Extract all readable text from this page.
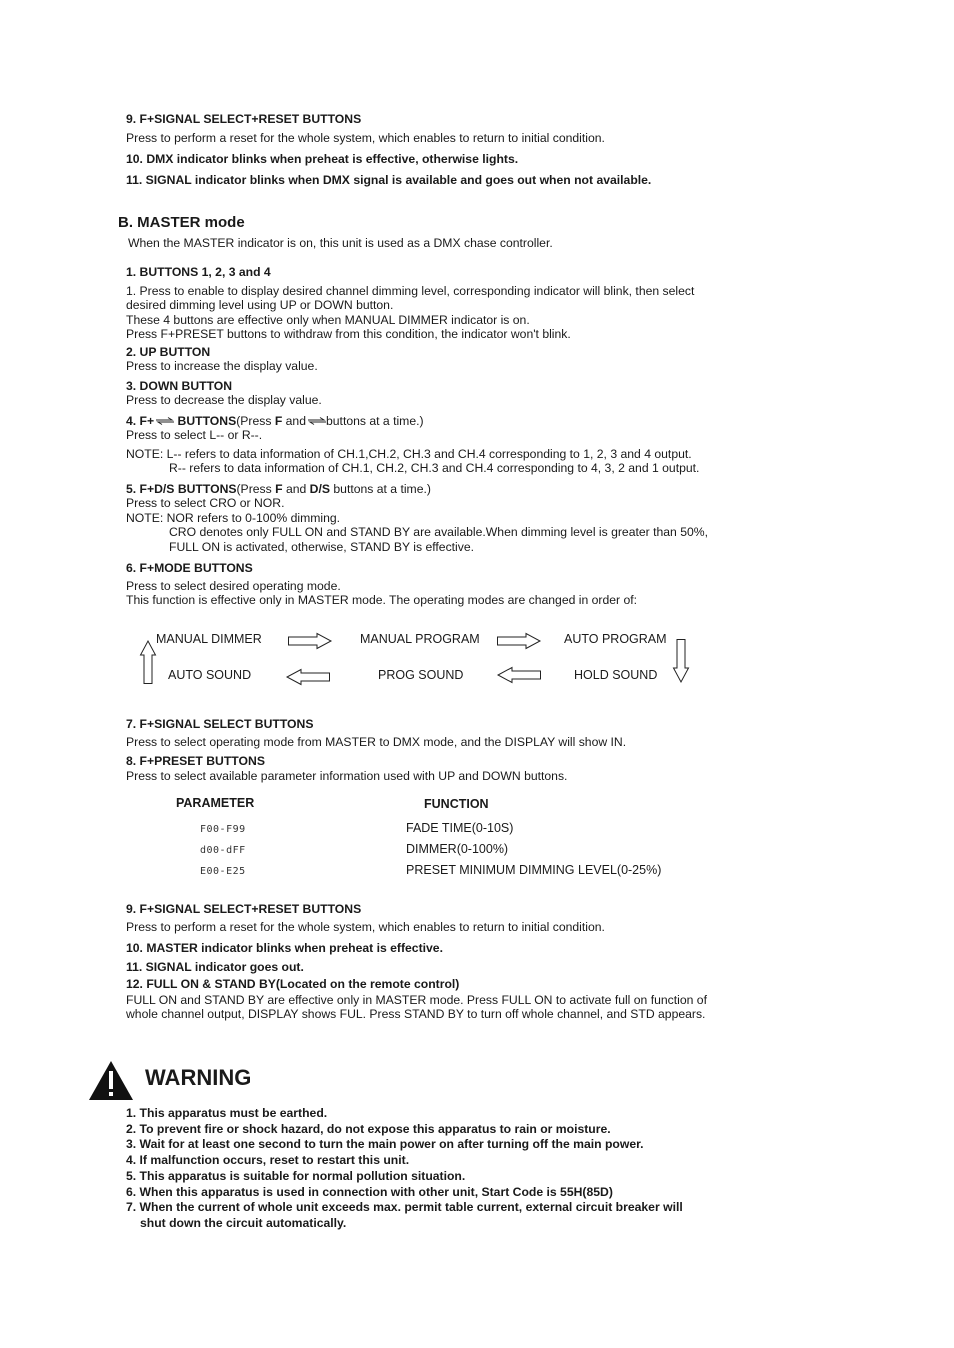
9. F+SIGNAL SELECT+RESET BUTTONS

Press to perform a reset for the whole system, which enables to return to initial condition.

10. DMX indicator blinks when preheat is effective, otherwise lights.

11. SIGNAL indicator blinks when DMX signal is available and goes out when not available.

B. MASTER mode
When the MASTER indicator is on, this unit is used as a DMX chase controller.

1. BUTTONS 1, 2, 3 and 4

1. Press to enable to display desired channel dimming level, corresponding indicator will blink, then select

desired dimming level using UP or DOWN button.

These 4 buttons are effective only when MANUAL DIMMER indicator is on.

Press F+PRESET buttons to withdraw from this condition, the indicator won't blink.

2. UP BUTTON

Press to increase the display value.

3. DOWN BUTTON

Press to decrease the display value.

4. F+ BUTTONS(Press F and buttons at a time.)

Press to select L-- or R--.

NOTE: L-- refers to data information of CH.1,CH.2, CH.3 and CH.4 corresponding to 1, 2, 3 and 4 output.

R-- refers to data information of CH.1, CH.2, CH.3 and CH.4 corresponding to 4, 3, 2 and 1 output.

5. F+D/S BUTTONS(Press F and D/S buttons at a time.)

Press to select CRO or NOR.

NOTE: NOR refers to 0-100% dimming.

CRO denotes only FULL ON and STAND BY are available.When dimming level is greater than 50%,

FULL ON is activated, otherwise, STAND BY is effective.

6. F+MODE BUTTONS

Press to select desired operating mode.

This function is effective only in MASTER mode. The operating modes are changed in order of:

MANUAL DIMMER	MANUAL PROGRAM	AUTO PROGRAM
AUTO SOUND	PROG SOUND	HOLD SOUND

7. F+SIGNAL SELECT BUTTONS

Press to select operating mode from MASTER to DMX mode, and the DISPLAY will show IN.

8. F+PRESET BUTTONS

Press to select available parameter information used with UP and DOWN buttons.

PARAMETER	FUNCTION
F00-F99	FADE TIME(0-10S)
d00-dFF	DIMMER(0-100%)
E00-E25	PRESET MINIMUM DIMMING LEVEL(0-25%)

9. F+SIGNAL SELECT+RESET BUTTONS

Press to perform a reset for the whole system, which enables to return to initial condition.

10. MASTER indicator blinks when preheat is effective.

11. SIGNAL indicator goes out.

12. FULL ON & STAND BY(Located on the remote control)

FULL ON and STAND BY are effective only in MASTER mode. Press FULL ON to activate full on function of

whole channel output, DISPLAY shows FUL. Press STAND BY to turn off whole channel, and STD appears.

WARNING

1. This apparatus must be earthed.

2. To prevent fire or shock hazard, do not expose this apparatus to rain or moisture.

3. Wait for at least one second to turn the main power on after turning off the main power.

4. If malfunction occurs, reset to restart this unit.

5. This apparatus is suitable for normal pollution situation.

6. When this apparatus is used in connection with other unit, Start Code is 55H(85D)

7. When the current of whole unit exceeds max. permit table current, external circuit breaker will

shut down the circuit automatically.
